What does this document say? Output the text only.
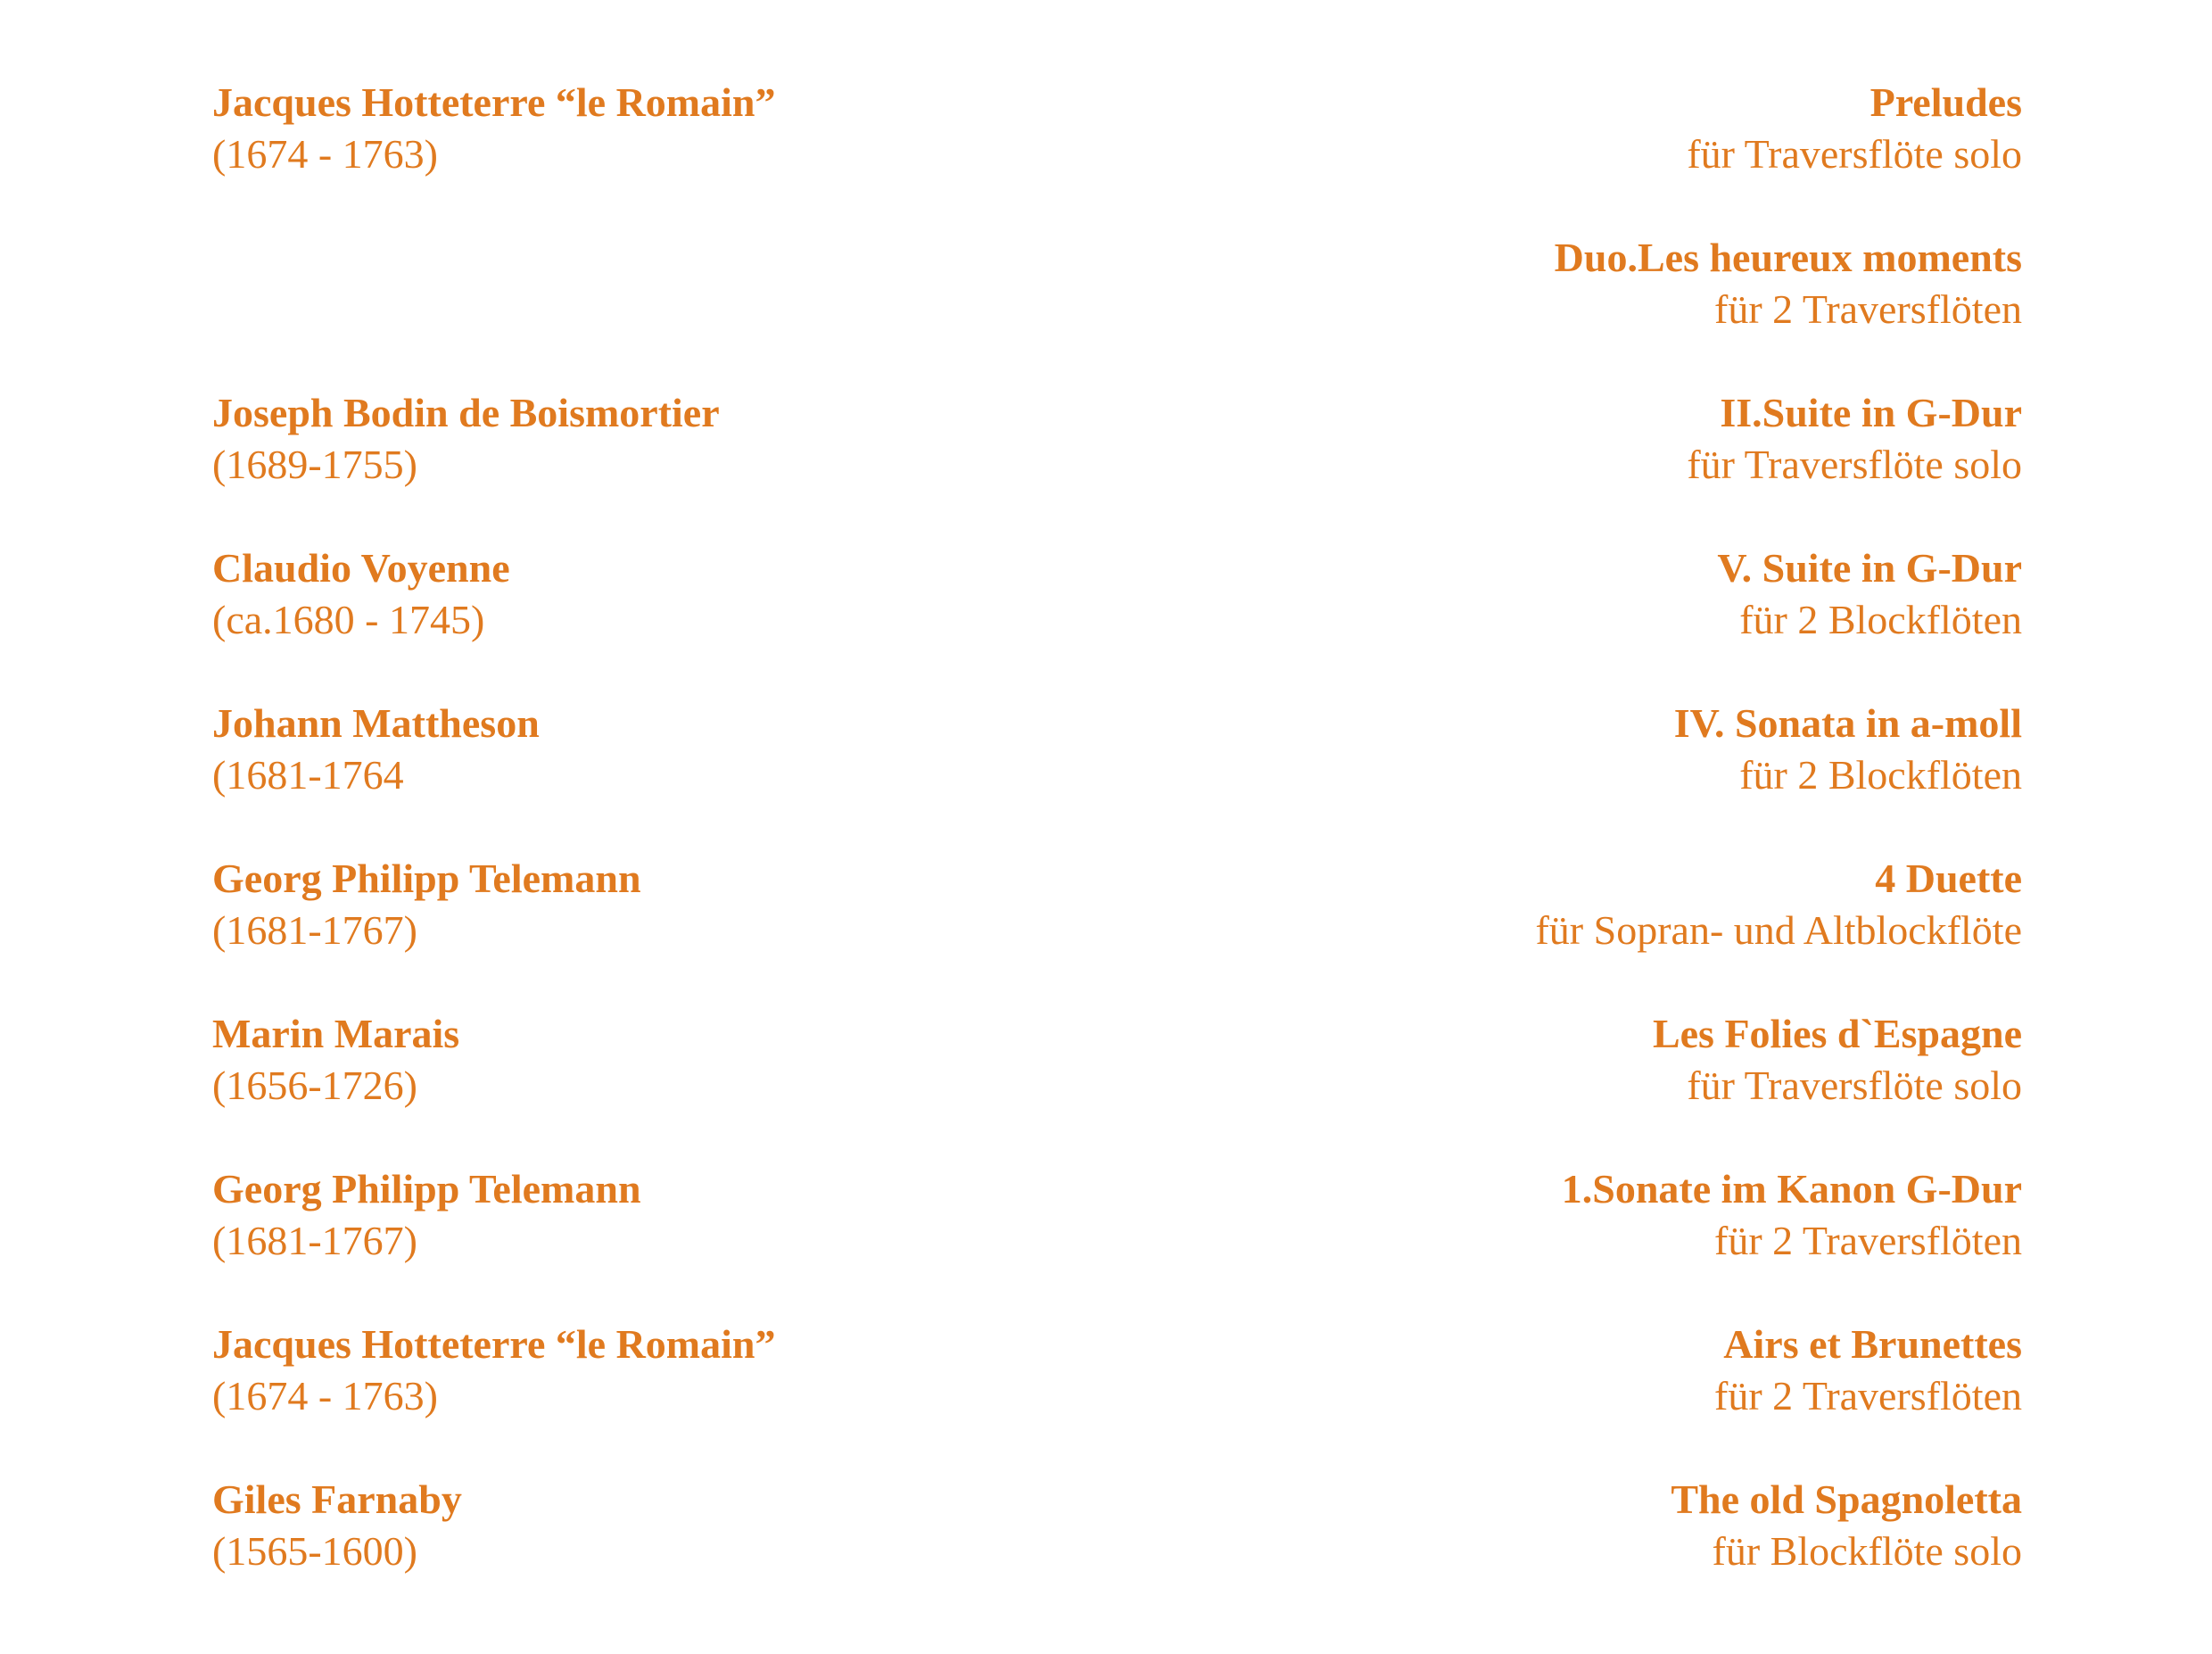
Jacques Hotteterre “le Romain”
(1674 - 1763)
Joseph Bodin de Boismortier
(1689-1755)
Claudio Voyenne
(ca.1680 - 1745)
Johann Mattheson
(1681-1764
Georg Philipp Telemann
(1681-1767)
Marin Marais
(1656-1726)
Georg Philipp Telemann
(1681-1767)
Jacques Hotteterre “le Romain”
(1674 - 1763)
Giles Farnaby
(1565-1600)
Preludes
für Traversflöte solo
Duo.Les heureux moments
für 2 Traversflöten
II.Suite in G-Dur
für Traversflöte solo
V. Suite in G-Dur
für 2 Blockflöten
IV. Sonata in a-moll
für 2 Blockflöten
4 Duette
für Sopran- und Altblockflöte
Les Folies d`Espagne
für Traversflöte solo
1.Sonate im Kanon G-Dur
für 2 Traversflöten
Airs et Brunettes
für 2 Traversflöten
The old Spagnoletta
für Blockflöte solo
